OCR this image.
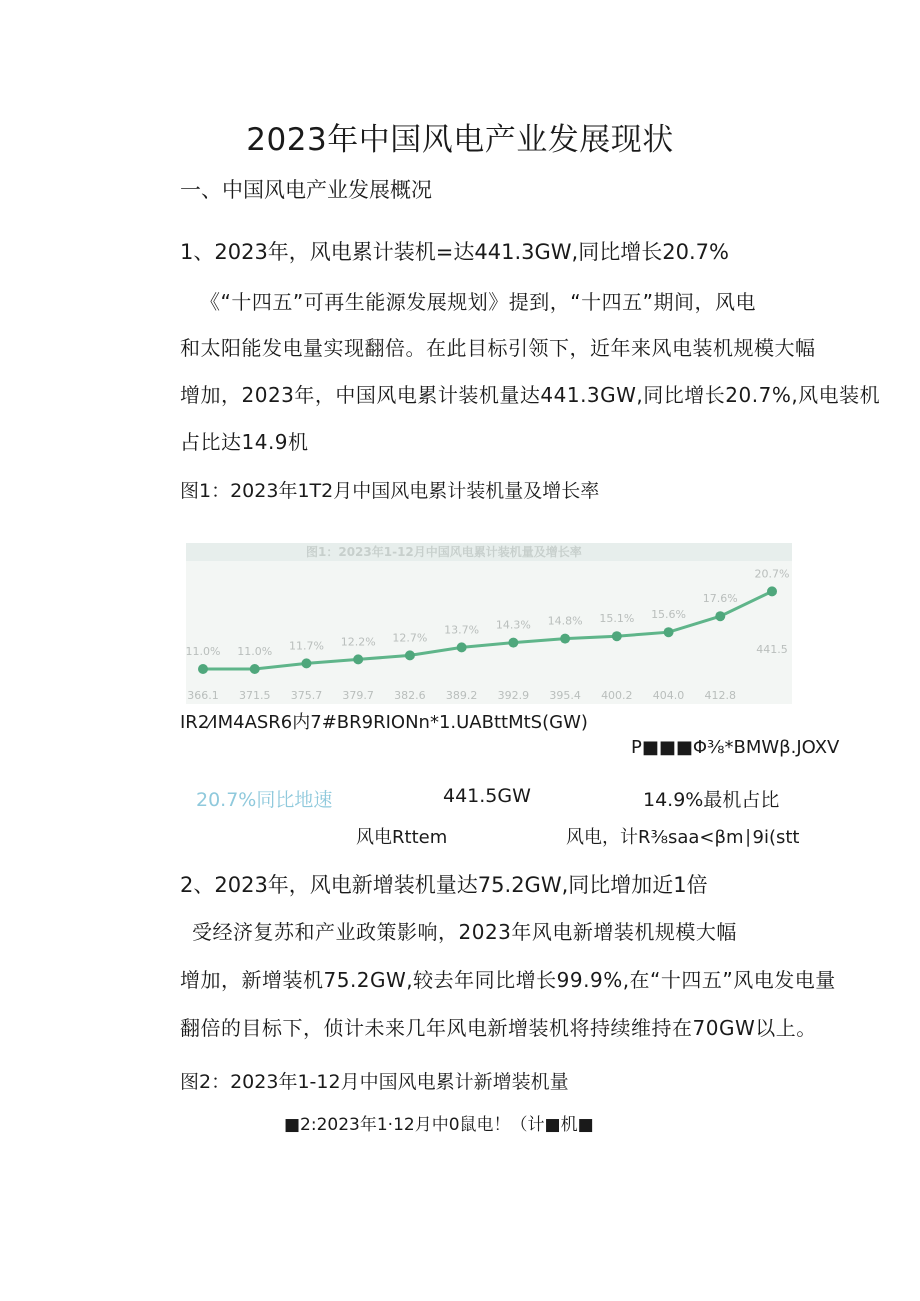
2023年中国风电产业发展现状
一、中国风电产业发展概况
1、2023年，风电累计装机=达441.3GW,同比增长20.7%
《“十四五”可再生能源发展规划》提到，“十四五”期间，风电
和太阳能发电量实现翻倍。在此目标引领下，近年来风电装机规模大幅
增加，2023年，中国风电累计装机量达441.3GW,同比增长20.7%,风电装机
占比达14.9机
图1：2023年1T2月中国风电累计装机量及增长率
图1：2023年1-12月中国风电累计装机量及增长率
11.0% 11.0% 11.7% 12.2% 12.7%
13.7% 14.3% 14.8% 15.1% 15.6%
17.6%
20.7%
366.1 371.5 375.7 379.7 382.6 389.2 392.9 395.4 400.2 404.0 412.8
441.5
IR2⁄IM4ASR6内7#BR9RIONn*1.UABttMtS(GW)
P■■■Φ⅜*BMWβ.JOXV
20.7%同比地速	441.5GW	14.9%最机占比
风电Rttem	风电，计R⅜saa<βm∣9i(stt
2、2023年，风电新增装机量达75.2GW,同比增加近1倍
受经济复苏和产业政策影响，2023年风电新增装机规模大幅
增加，新增装机75.2GW,较去年同比增长99.9%,在“十四五”风电发电量
翻倍的目标下，侦计未来几年风电新增装机将持续维持在70GW以上。
图2：2023年1-12月中国风电累计新增装机量
■2:2023年1·12月中0鼠电！（计■机■
